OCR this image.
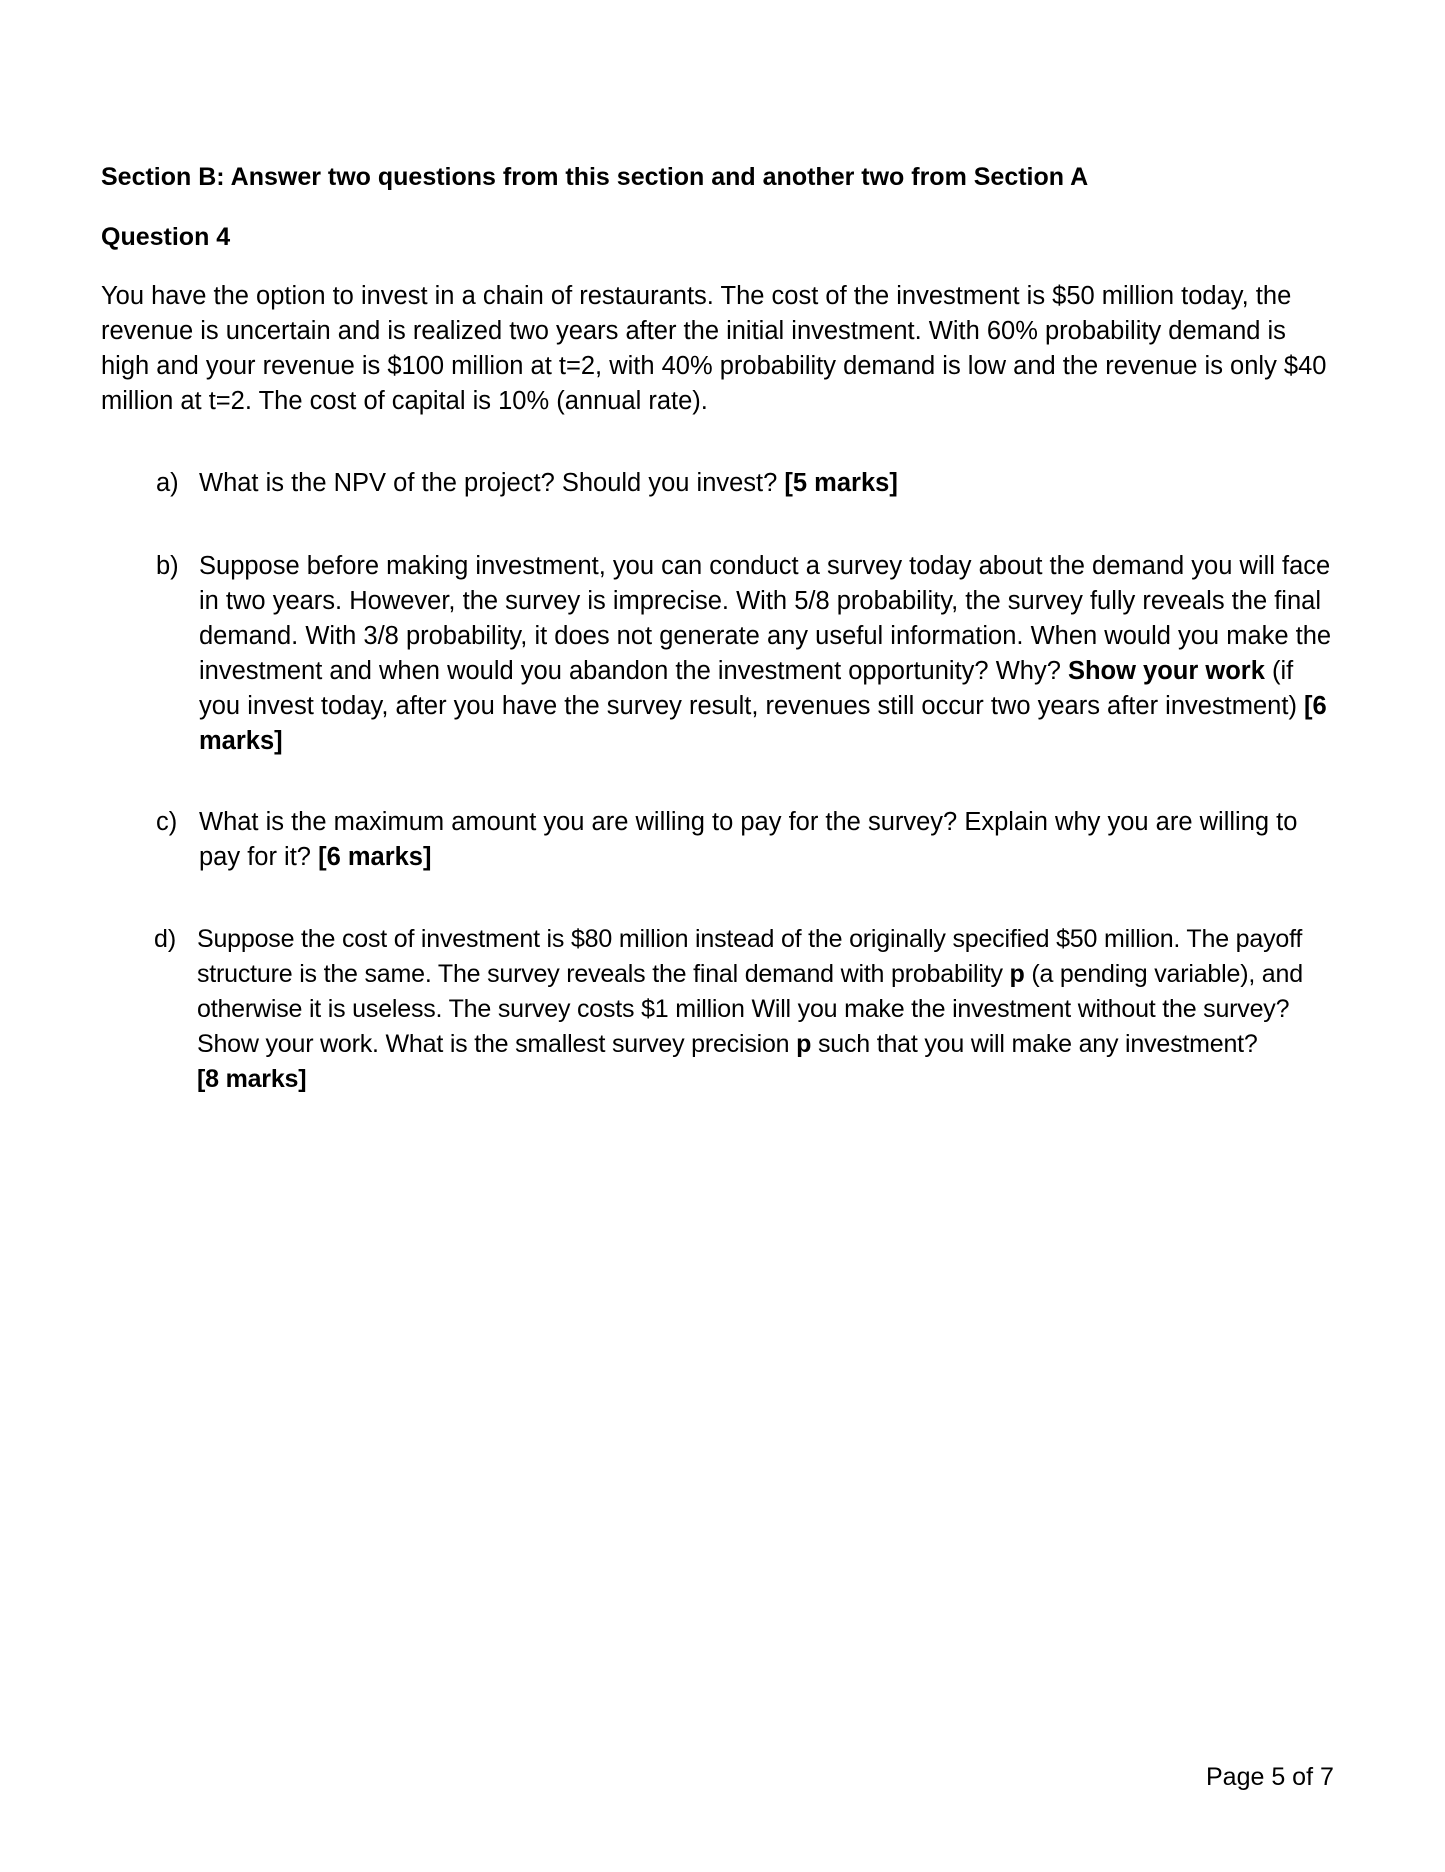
Section B: Answer two questions from this section and another two from Section A
Question 4

You have the option to invest in a chain of restaurants. The cost of the investment is $50 million today, the revenue is uncertain and is realized two years after the initial investment. With 60% probability demand is high and your revenue is $100 million at t=2, with 40% probability demand is low and the revenue is only $40 million at t=2. The cost of capital is 10% (annual rate).

a) What is the NPV of the project? Should you invest? [5 marks]

b) Suppose before making investment, you can conduct a survey today about the demand you will face in two years. However, the survey is imprecise. With 5/8 probability, the survey fully reveals the final demand. With 3/8 probability, it does not generate any useful information. When would you make the investment and when would you abandon the investment opportunity? Why? Show your work (if you invest today, after you have the survey result, revenues still occur two years after investment) [6 marks]

c) What is the maximum amount you are willing to pay for the survey? Explain why you are willing to pay for it? [6 marks]

d) Suppose the cost of investment is $80 million instead of the originally specified $50 million. The payoff structure is the same. The survey reveals the final demand with probability p (a pending variable), and otherwise it is useless. The survey costs $1 million Will you make the investment without the survey? Show your work. What is the smallest survey precision p such that you will make any investment?
[8 marks]

Page 5 of 7
